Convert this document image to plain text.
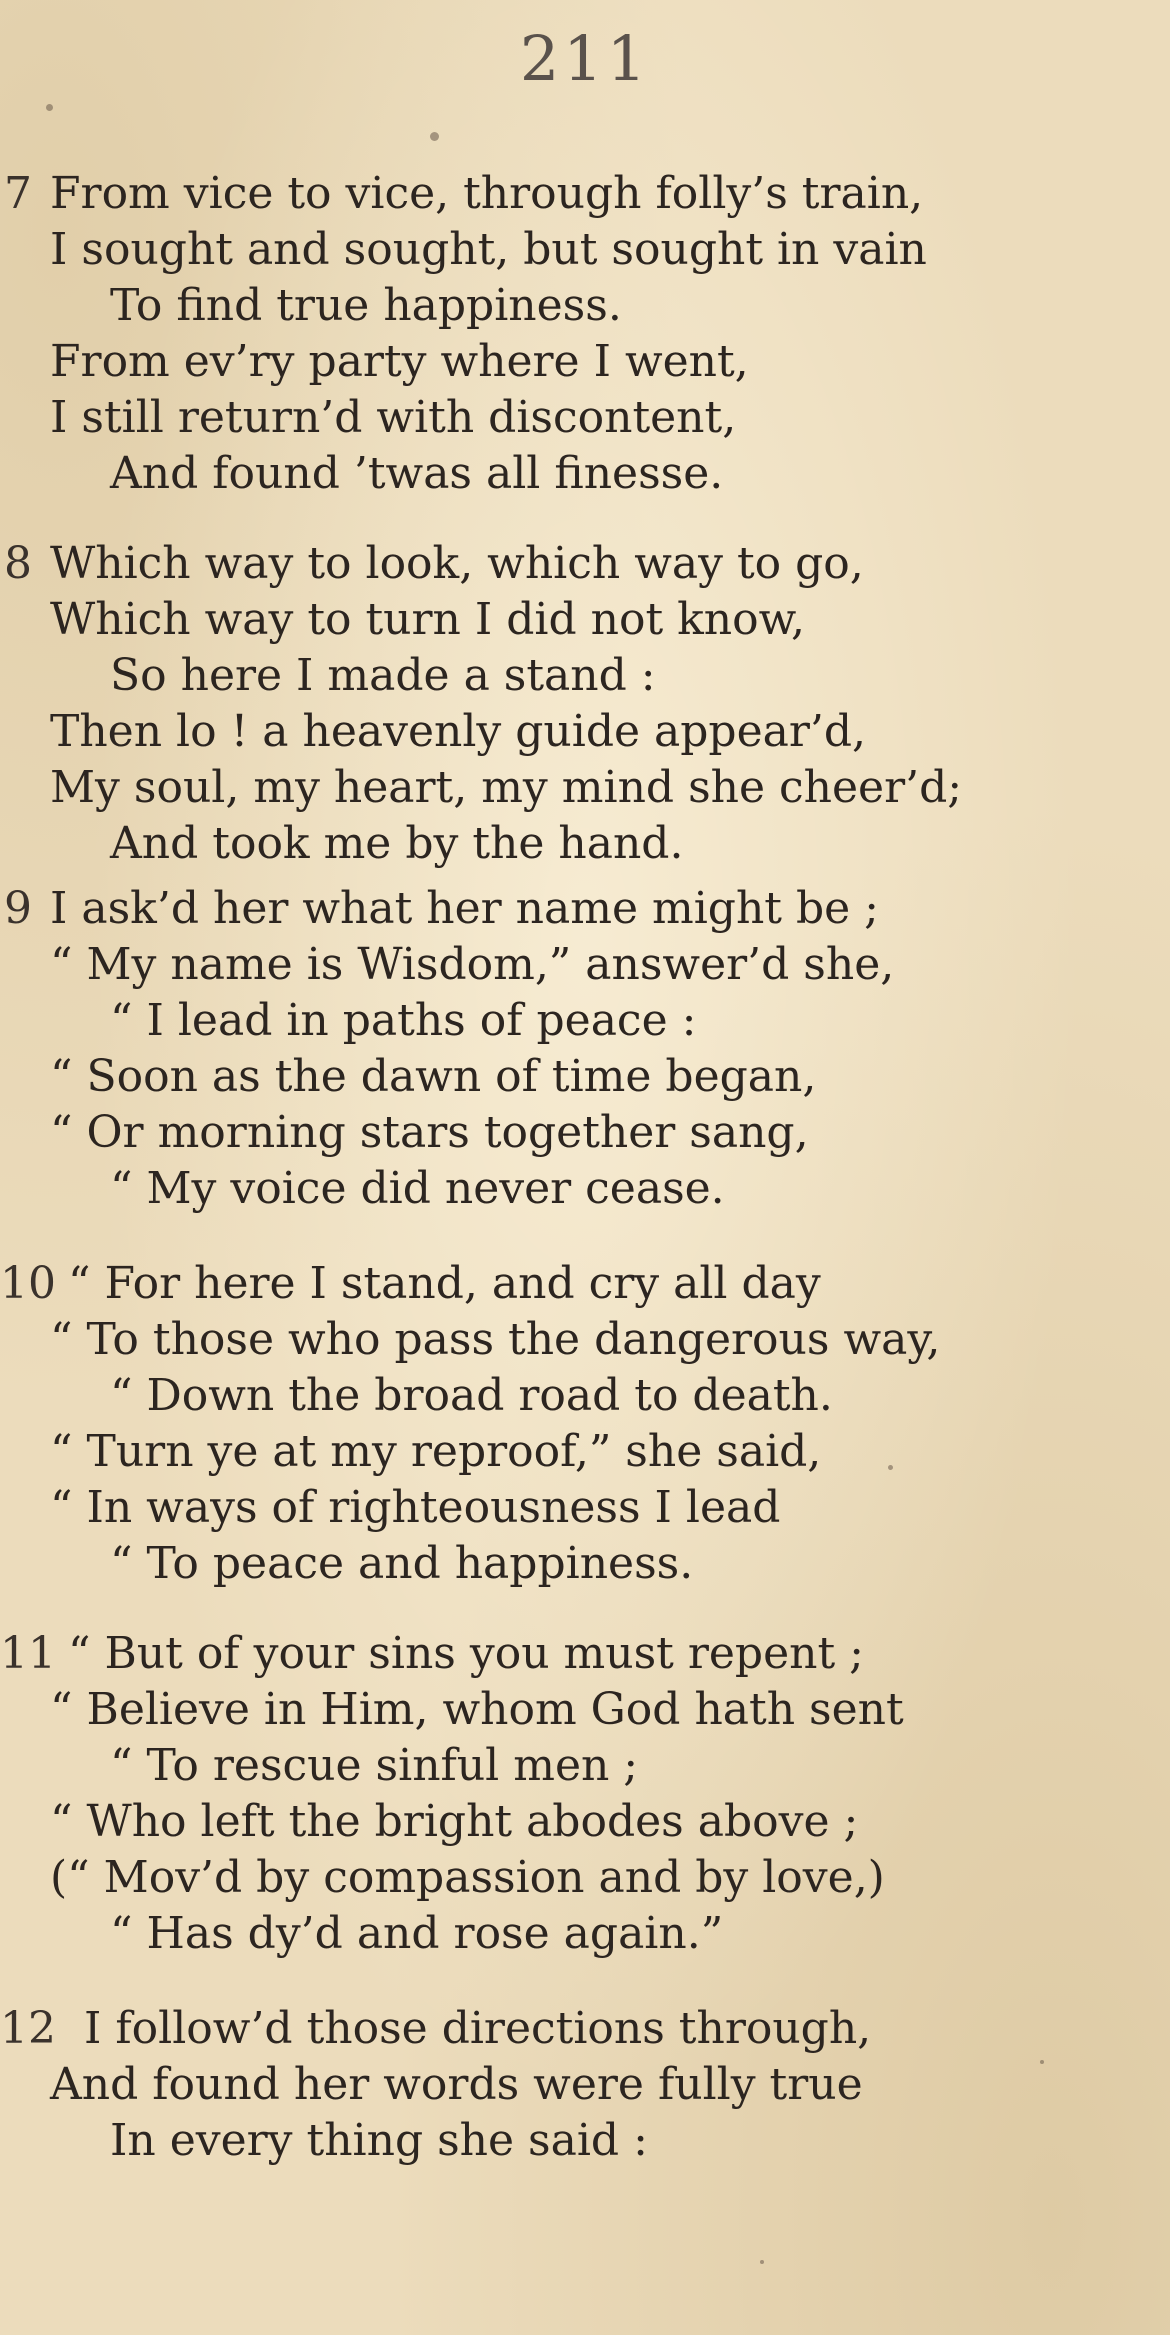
211
7 From vice to vice, through folly’s train,
I sought and sought, but sought in vain
To find true happiness.
From ev’ry party where I went,
I still return’d with discontent,
And found ’twas all finesse.
8 Which way to look, which way to go,
Which way to turn I did not know,
So here I made a stand :
Then lo ! a heavenly guide appear’d,
My soul, my heart, my mind she cheer’d;
And took me by the hand.
9 I ask’d her what her name might be ;
“ My name is Wisdom,” answer’d she,
“ I lead in paths of peace :
“ Soon as the dawn of time began,
“ Or morning stars together sang,
“ My voice did never cease.
10 “ For here I stand, and cry all day
“ To those who pass the dangerous way,
“ Down the broad road to death.
“ Turn ye at my reproof,” she said,
“ In ways of righteousness I lead
“ To peace and happiness.
11 “ But of your sins you must repent ;
“ Believe in Him, whom God hath sent
“ To rescue sinful men ;
“ Who left the bright abodes above ;
(“ Mov’d by compassion and by love,)
“ Has dy’d and rose again.”
12 I follow’d those directions through,
And found her words were fully true
In every thing she said :
